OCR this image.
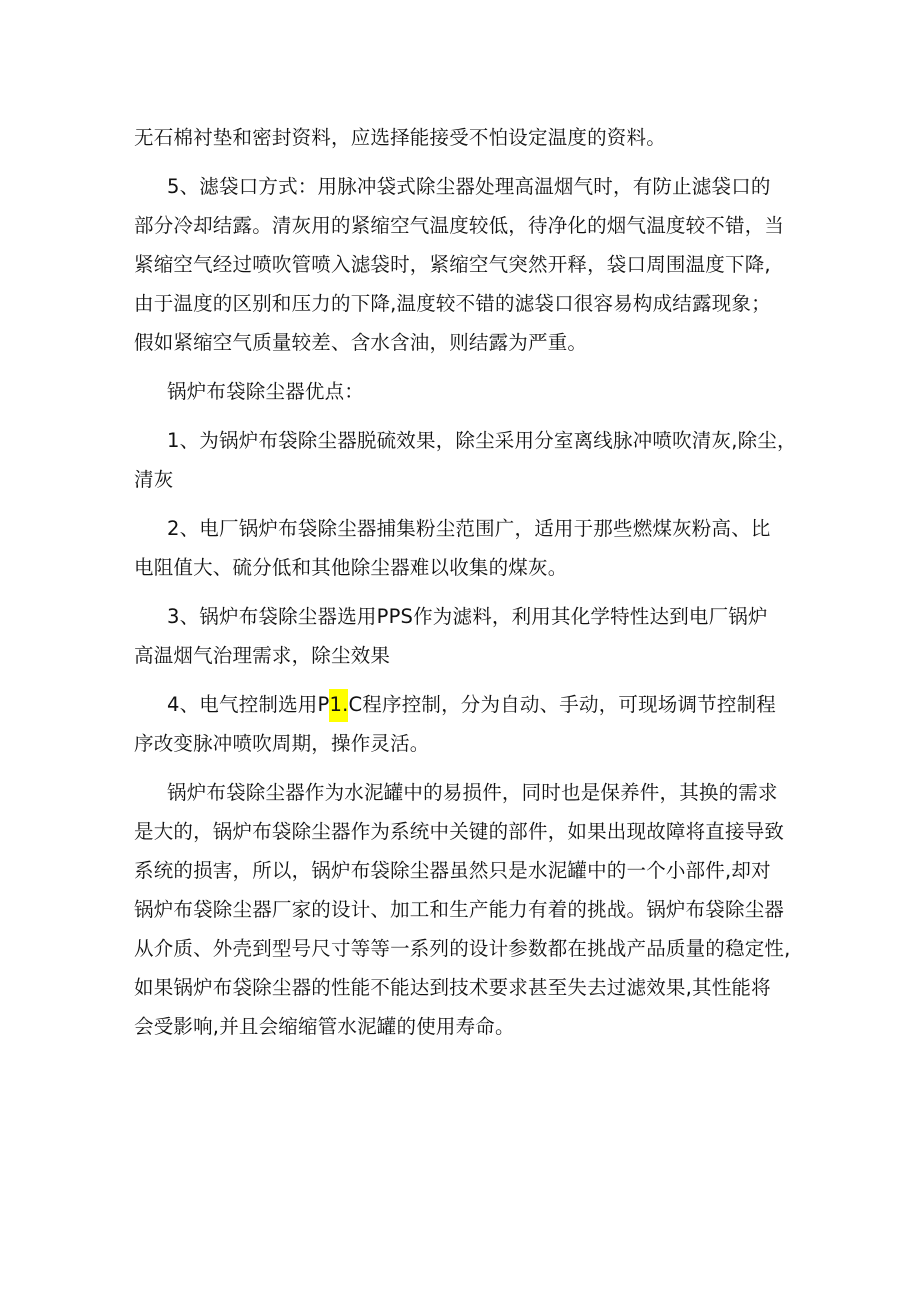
无石棉衬垫和密封资料，应选择能接受不怕设定温度的资料。
5、滤袋口方式：用脉冲袋式除尘器处理高温烟气时，有防止滤袋口的
部分冷却结露。清灰用的紧缩空气温度较低，待净化的烟气温度较不错，当
紧缩空气经过喷吹管喷入滤袋时，紧缩空气突然开释，袋口周围温度下降,
由于温度的区别和压力的下降,温度较不错的滤袋口很容易构成结露现象；
假如紧缩空气质量较差、含水含油，则结露为严重。
锅炉布袋除尘器优点：
1、为锅炉布袋除尘器脱硫效果，除尘采用分室离线脉冲喷吹清灰,除尘，
清灰
2、电厂锅炉布袋除尘器捕集粉尘范围广，适用于那些燃煤灰粉高、比
电阻值大、硫分低和其他除尘器难以收集的煤灰。
3、锅炉布袋除尘器选用PPS作为滤料，利用其化学特性达到电厂锅炉
高温烟气治理需求，除尘效果
4、电气控制选用P1.C程序控制，分为自动、手动，可现场调节控制程
序改变脉冲喷吹周期，操作灵活。
锅炉布袋除尘器作为水泥罐中的易损件，同时也是保养件，其换的需求
是大的，锅炉布袋除尘器作为系统中关键的部件，如果出现故障将直接导致
系统的损害，所以，锅炉布袋除尘器虽然只是水泥罐中的一个小部件,却对
锅炉布袋除尘器厂家的设计、加工和生产能力有着的挑战。锅炉布袋除尘器
从介质、外壳到型号尺寸等等一系列的设计参数都在挑战产品质量的稳定性,
如果锅炉布袋除尘器的性能不能达到技术要求甚至失去过滤效果,其性能将
会受影响,并且会缩缩管水泥罐的使用寿命。
